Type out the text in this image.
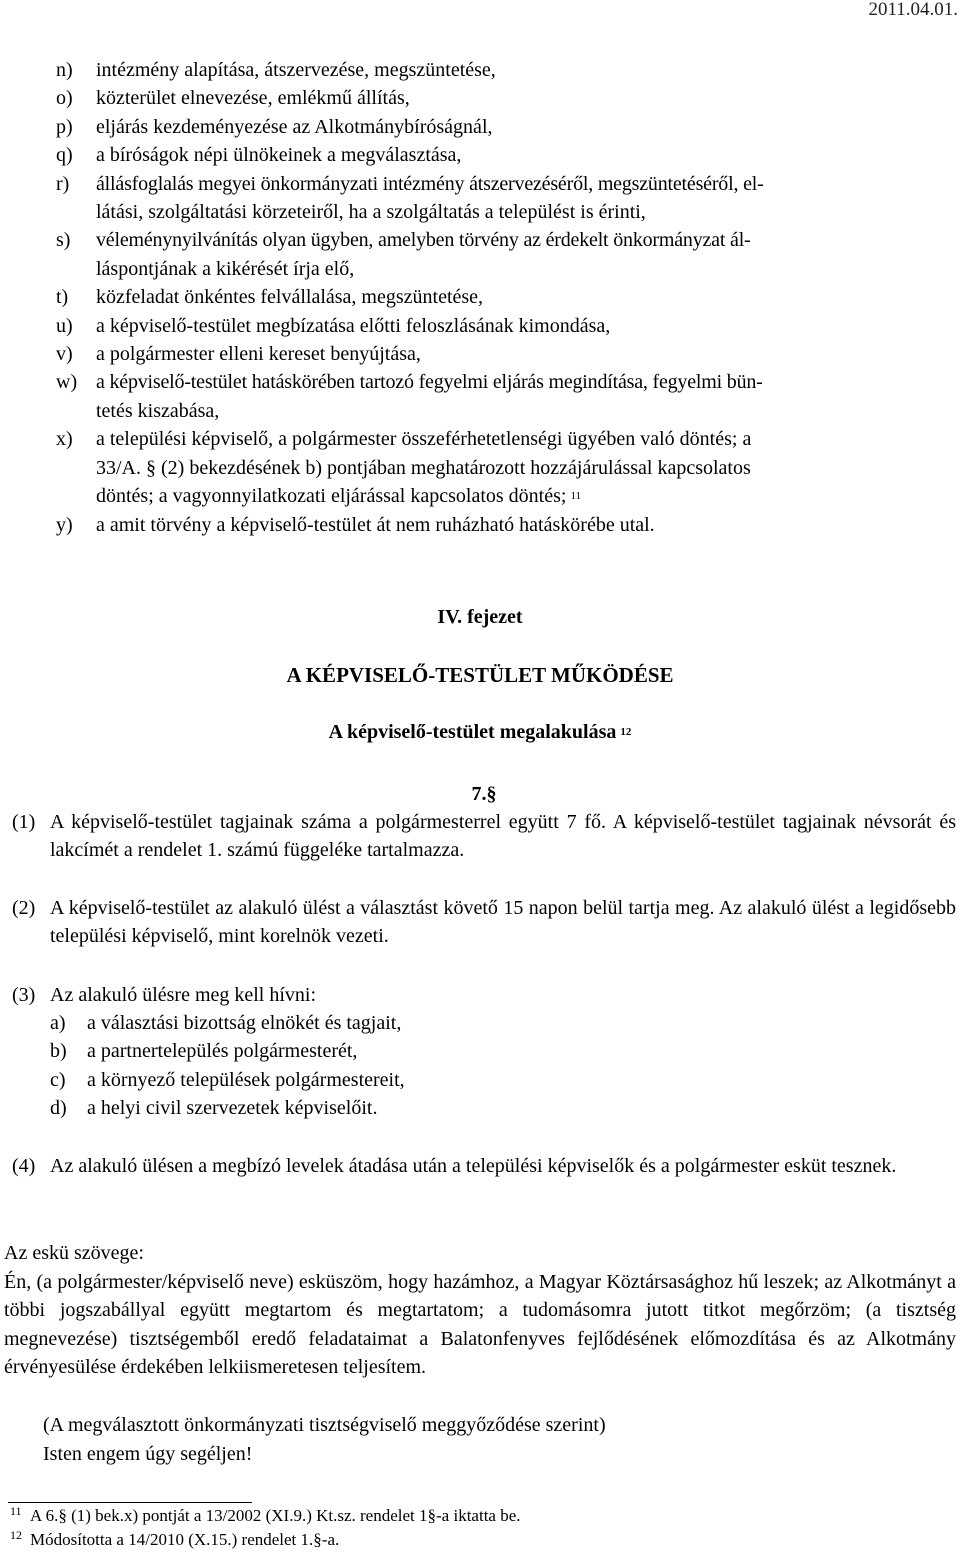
2011.04.01.
n)	intézmény alapítása, átszervezése, megszüntetése,
o)	közterület elnevezése, emlékmű állítás,
p)	eljárás kezdeményezése az Alkotmánybíróságnál,
q)	a bíróságok népi ülnökeinek a megválasztása,
r)	állásfoglalás megyei önkormányzati intézmény átszervezéséről, megszüntetéséről, el-
látási, szolgáltatási körzeteiről, ha a szolgáltatás a települést is érinti,
s)	véleménynyilvánítás olyan ügyben, amelyben törvény az érdekelt önkormányzat ál-
láspontjának a kikérését írja elő,
t)	közfeladat önkéntes felvállalása, megszüntetése,
u)	a képviselő-testület megbízatása előtti feloszlásának kimondása,
v)	a polgármester elleni kereset benyújtása,
w) a képviselő-testület hatáskörében tartozó fegyelmi eljárás megindítása, fegyelmi bün-
tetés kiszabása,
x)	a települési képviselő, a polgármester összeférhetetlenségi ügyében való döntés; a
33/A. § (2) bekezdésének b) pontjában meghatározott hozzájárulással kapcsolatos
döntés; a vagyonnyilatkozati eljárással kapcsolatos döntés; $^{11}$
y)	a amit törvény a képviselő-testület át nem ruházható hatáskörébe utal.
IV. fejezet
A KÉPVISELŐ-TESTÜLET MŰKÖDÉSE
A képviselő-testület megalakulása $^{12}$
7.§
(1) A képviselő-testület tagjainak száma a polgármesterrel együtt 7 fő. A képviselő-testület tagjainak névsorát és lakcímét a rendelet 1. számú függeléke tartalmazza.
(2) A képviselő-testület az alakuló ülést a választást követő 15 napon belül tartja meg. Az alakuló ülést a legidősebb települési képviselő, mint korelnök vezeti.
(3) Az alakuló ülésre meg kell hívni:
a)	a választási bizottság elnökét és tagjait,
b)	a partnertelepülés polgármesterét,
c)	a környező települések polgármestereit,
d)	a helyi civil szervezetek képviselőit.
(4) Az alakuló ülésen a megbízó levelek átadása után a települési képviselők és a polgármester esküt tesznek.
Az eskü szövege:
Én, (a polgármester/képviselő neve) esküszöm, hogy hazámhoz, a Magyar Köztársasághoz hű leszek; az Alkotmányt a többi jogszabállyal együtt megtartom és megtartatom; a tudomásomra jutott titkot megőrzöm; (a tisztség megnevezése) tisztségemből eredő feladataimat a Balatonfenyves fejlődésének előmozdítása és az Alkotmány érvényesülése érdekében lelkiismeretesen teljesítem.
(A megválasztott önkormányzati tisztségviselő meggyőződése szerint)
Isten engem úgy segéljen!
11 A 6.§ (1) bek.x) pontját a 13/2002 (XI.9.) Kt.sz. rendelet 1§-a iktatta be.
12 Módosította a 14/2010 (X.15.) rendelet 1.§-a.
